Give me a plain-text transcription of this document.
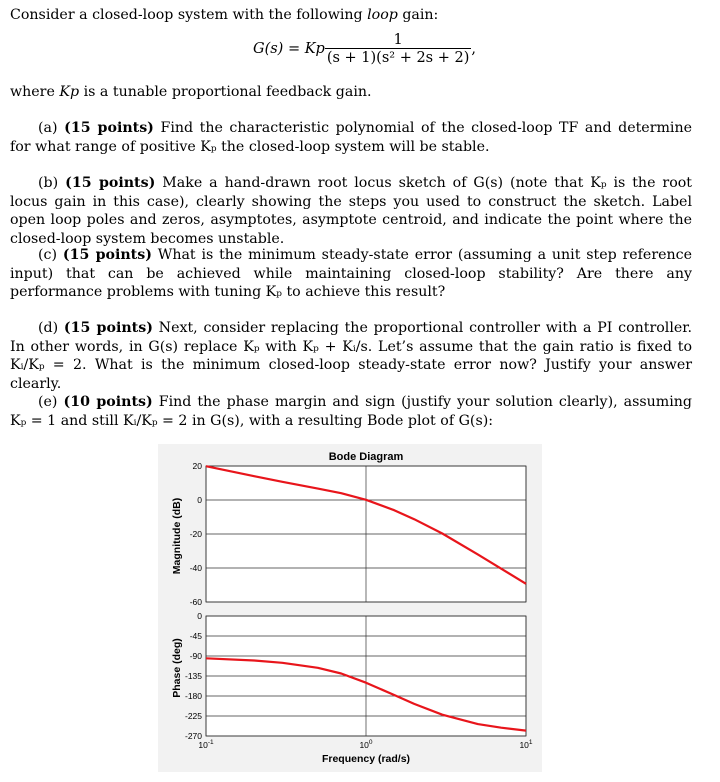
Consider a closed-loop system with the following loop gain:
G(s) = Kp $\frac{1}{\text{(s + 1)(s² + 2s + 2)}}$ ,
where Kp is a tunable proportional feedback gain.
(a) (15 points) Find the characteristic polynomial of the closed-loop TF and determine for what range of positive Kₚ the closed-loop system will be stable.
(b) (15 points) Make a hand-drawn root locus sketch of G(s) (note that Kₚ is the root locus gain in this case), clearly showing the steps you used to construct the sketch. Label open loop poles and zeros, asymptotes, asymptote centroid, and indicate the point where the closed-loop system becomes unstable.
(c) (15 points) What is the minimum steady-state error (assuming a unit step reference input) that can be achieved while maintaining closed-loop stability? Are there any performance problems with tuning Kₚ to achieve this result?
(d) (15 points) Next, consider replacing the proportional controller with a PI controller. In other words, in G(s) replace Kₚ with Kₚ + Kᵢ/s. Let’s assume that the gain ratio is fixed to Kᵢ/Kₚ = 2. What is the minimum closed-loop steady-state error now? Justify your answer clearly.
(e) (10 points) Find the phase margin and sign (justify your solution clearly), assuming Kₚ = 1 and still Kᵢ/Kₚ = 2 in G(s), with a resulting Bode plot of G(s):
Bode Diagram
Frequency (rad/s)
Magnitude (dB)
Phase (deg)
20
0
-20
-40
-60
0
-45
-90
-135
-180
-225
-270
$10^{-1}$	$10^0$	$10^1$
